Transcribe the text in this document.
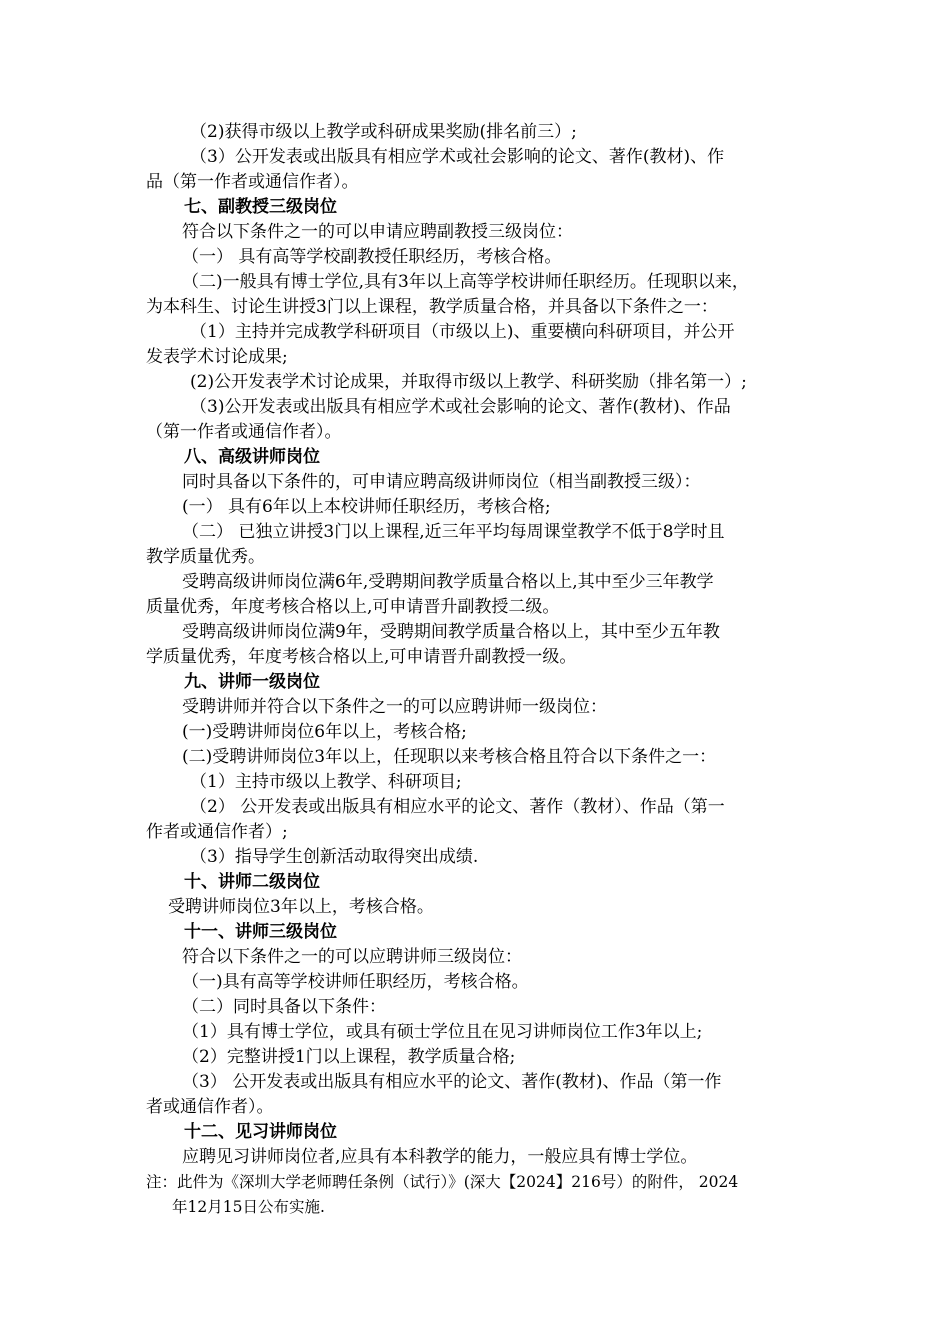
（2)获得市级以上教学或科研成果奖励(排名前三）;
（3）公开发表或出版具有相应学术或社会影响的论文、著作(教材)、作
品（第一作者或通信作者）。
七、副教授三级岗位
符合以下条件之一的可以申请应聘副教授三级岗位：
（一） 具有高等学校副教授任职经历，考核合格。
（二)一般具有博士学位,具有3年以上高等学校讲师任职经历。任现职以来，
为本科生、讨论生讲授3门以上课程，教学质量合格，并具备以下条件之一：
（1）主持并完成教学科研项目（市级以上)、重要横向科研项目，并公开
发表学术讨论成果;
(2)公开发表学术讨论成果，并取得市级以上教学、科研奖励（排名第一）;
（3)公开发表或出版具有相应学术或社会影响的论文、著作(教材)、作品
（第一作者或通信作者）。
八、高级讲师岗位
同时具备以下条件的，可申请应聘高级讲师岗位（相当副教授三级）：
(一） 具有6年以上本校讲师任职经历，考核合格;
（二） 已独立讲授3门以上课程,近三年平均每周课堂教学不低于8学时且
教学质量优秀。
受聘高级讲师岗位满6年,受聘期间教学质量合格以上,其中至少三年教学
质量优秀，年度考核合格以上,可申请晋升副教授二级。
受聘高级讲师岗位满9年，受聘期间教学质量合格以上，其中至少五年教
学质量优秀，年度考核合格以上,可申请晋升副教授一级。
九、讲师一级岗位
受聘讲师并符合以下条件之一的可以应聘讲师一级岗位：
(一)受聘讲师岗位6年以上，考核合格;
(二)受聘讲师岗位3年以上，任现职以来考核合格且符合以下条件之一：
（1）主持市级以上教学、科研项目;
（2） 公开发表或出版具有相应水平的论文、著作（教材）、作品（第一
作者或通信作者）;
（3）指导学生创新活动取得突出成绩.
十、讲师二级岗位
受聘讲师岗位3年以上，考核合格。
十一、讲师三级岗位
符合以下条件之一的可以应聘讲师三级岗位：
（一)具有高等学校讲师任职经历，考核合格。
（二）同时具备以下条件：
（1）具有博士学位，或具有硕士学位且在见习讲师岗位工作3年以上;
（2）完整讲授1门以上课程，教学质量合格;
（3） 公开发表或出版具有相应水平的论文、著作(教材)、作品（第一作
者或通信作者）。
十二、见习讲师岗位
应聘见习讲师岗位者,应具有本科教学的能力，一般应具有博士学位。
注：此件为《深圳大学老师聘任条例（试行）》(深大【2024】216号）的附件， 2024
年12月15日公布实施.
